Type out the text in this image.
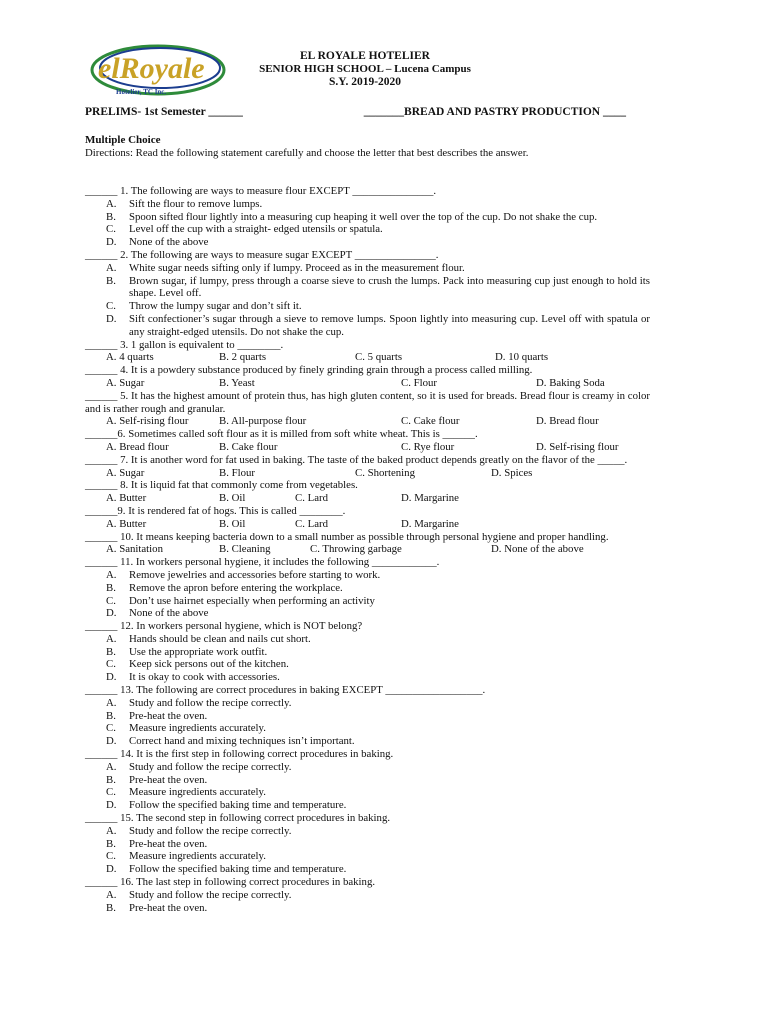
elRoyale
Hotelier, TC Inc.
EL ROYALE HOTELIER
SENIOR HIGH SCHOOL – Lucena Campus
S.Y. 2019-2020
PRELIMS- 1st Semester ______	_______BREAD AND PASTRY PRODUCTION ____
Multiple Choice
Directions: Read the following statement carefully and choose the letter that best describes the answer.
______ 1. The following are ways to measure flour EXCEPT _______________.
A. Sift the flour to remove lumps.
B. Spoon sifted flour lightly into a measuring cup heaping it well over the top of the cup. Do not shake the cup.
C. Level off the cup with a straight- edged utensils or spatula.
D. None of the above
______ 2. The following are ways to measure sugar EXCEPT _______________.
A. White sugar needs sifting only if lumpy. Proceed as in the measurement flour.
B. Brown sugar, if lumpy, press through a coarse sieve to crush the lumps. Pack into measuring cup just enough to hold its shape. Level off.
C. Throw the lumpy sugar and don’t sift it.
D. Sift confectioner’s sugar through a sieve to remove lumps. Spoon lightly into measuring cup. Level off with spatula or any straight-edged utensils. Do not shake the cup.
______ 3. 1 gallon is equivalent to ________.
A. 4 quarts	B. 2 quarts	C. 5 quarts	D. 10 quarts
______ 4. It is a powdery substance produced by finely grinding grain through a process called milling.
A. Sugar	B. Yeast	C. Flour	D. Baking Soda
______ 5. It has the highest amount of protein thus, has high gluten content, so it is used for breads. Bread flour is creamy in color and is rather rough and granular.
A. Self-rising flour	B. All-purpose flour	C. Cake flour	D. Bread flour
______6. Sometimes called soft flour as it is milled from soft white wheat. This is ______.
A. Bread flour	B. Cake flour	C. Rye flour	D. Self-rising flour
______ 7. It is another word for fat used in baking. The taste of the baked product depends greatly on the flavor of the _____.
A. Sugar	B. Flour	C. Shortening	D. Spices
______ 8. It is liquid fat that commonly come from vegetables.
A. Butter	B. Oil	C. Lard	D. Margarine
______9. It is rendered fat of hogs. This is called ________.
A. Butter	B. Oil	C. Lard	D. Margarine
______ 10. It means keeping bacteria down to a small number as possible through personal hygiene and proper handling.
A. Sanitation	B. Cleaning	C. Throwing garbage	D. None of the above
______ 11. In workers personal hygiene, it includes the following ____________.
A. Remove jewelries and accessories before starting to work.
B. Remove the apron before entering the workplace.
C. Don’t use hairnet especially when performing an activity
D. None of the above
______ 12. In workers personal hygiene, which is NOT belong?
A. Hands should be clean and nails cut short.
B. Use the appropriate work outfit.
C. Keep sick persons out of the kitchen.
D. It is okay to cook with accessories.
______ 13. The following are correct procedures in baking EXCEPT __________________.
A. Study and follow the recipe correctly.
B. Pre-heat the oven.
C. Measure ingredients accurately.
D. Correct hand and mixing techniques isn’t important.
______ 14. It is the first step in following correct procedures in baking.
A. Study and follow the recipe correctly.
B. Pre-heat the oven.
C. Measure ingredients accurately.
D. Follow the specified baking time and temperature.
______ 15. The second step in following correct procedures in baking.
A. Study and follow the recipe correctly.
B. Pre-heat the oven.
C. Measure ingredients accurately.
D. Follow the specified baking time and temperature.
______ 16. The last step in following correct procedures in baking.
A. Study and follow the recipe correctly.
B. Pre-heat the oven.
